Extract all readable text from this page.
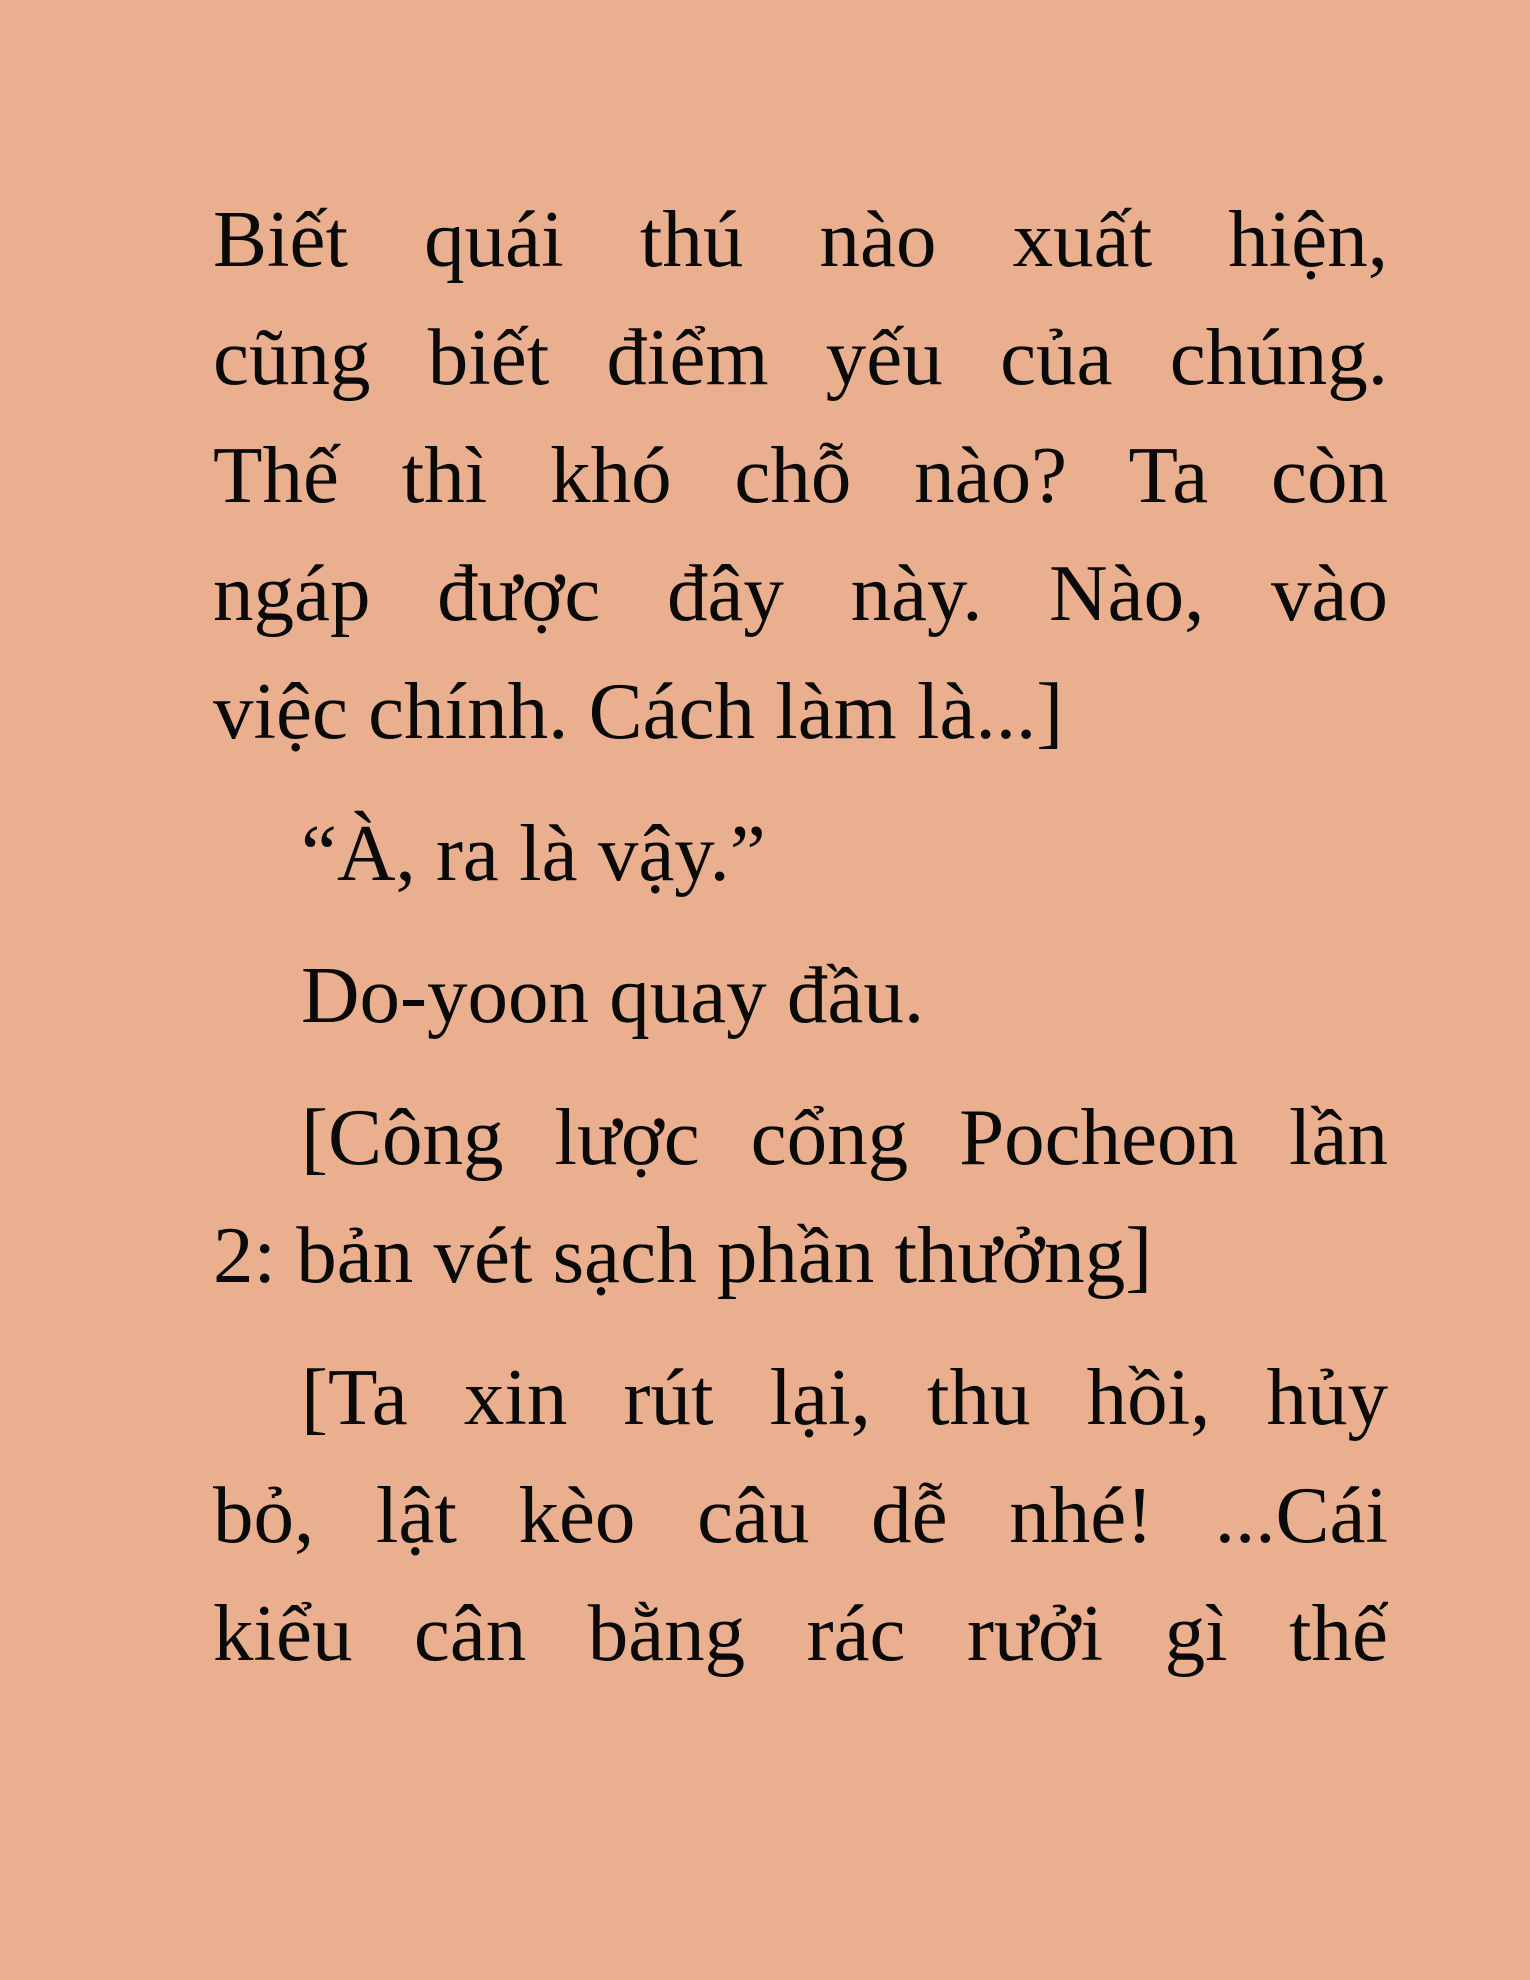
Biết quái thú nào xuất hiện,
cũng biết điểm yếu của chúng.
Thế thì khó chỗ nào? Ta còn
ngáp được đây này. Nào, vào
việc chính. Cách làm là...]
“À, ra là vậy.”
Do-yoon quay đầu.
[Công lược cổng Pocheon lần
2: bản vét sạch phần thưởng]
[Ta xin rút lại, thu hồi, hủy
bỏ, lật kèo câu dễ nhé! ...Cái
kiểu cân bằng rác rưởi gì thế
